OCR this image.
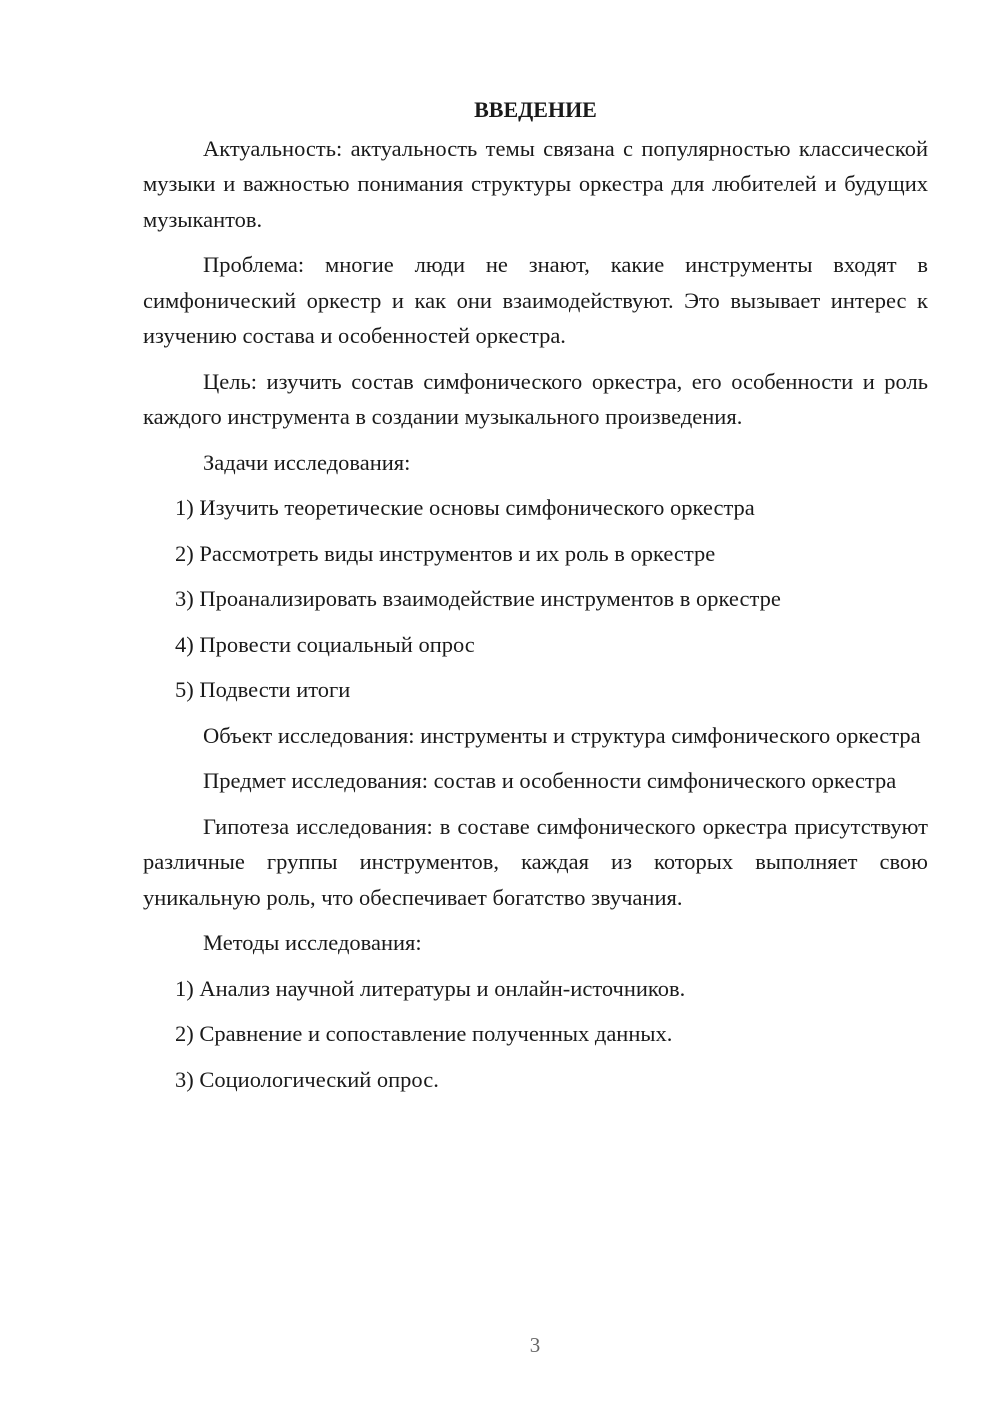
ВВЕДЕНИЕ

Актуальность: актуальность темы связана с популярностью классической музыки и важностью понимания структуры оркестра для любителей и будущих музыкантов.

Проблема: многие люди не знают, какие инструменты входят в симфонический оркестр и как они взаимодействуют. Это вызывает интерес к изучению состава и особенностей оркестра.

Цель: изучить состав симфонического оркестра, его особенности и роль каждого инструмента в создании музыкального произведения.

Задачи исследования:

1) Изучить теоретические основы симфонического оркестра

2) Рассмотреть виды инструментов и их роль в оркестре

3) Проанализировать взаимодействие инструментов в оркестре

4) Провести социальный опрос

5) Подвести итоги

Объект исследования: инструменты и структура симфонического оркестра

Предмет исследования: состав и особенности симфонического оркестра

Гипотеза исследования: в составе симфонического оркестра присутствуют различные группы инструментов, каждая из которых выполняет свою уникальную роль, что обеспечивает богатство звучания.

Методы исследования:

1) Анализ научной литературы и онлайн-источников.

2) Сравнение и сопоставление полученных данных.

3) Социологический опрос.

3
